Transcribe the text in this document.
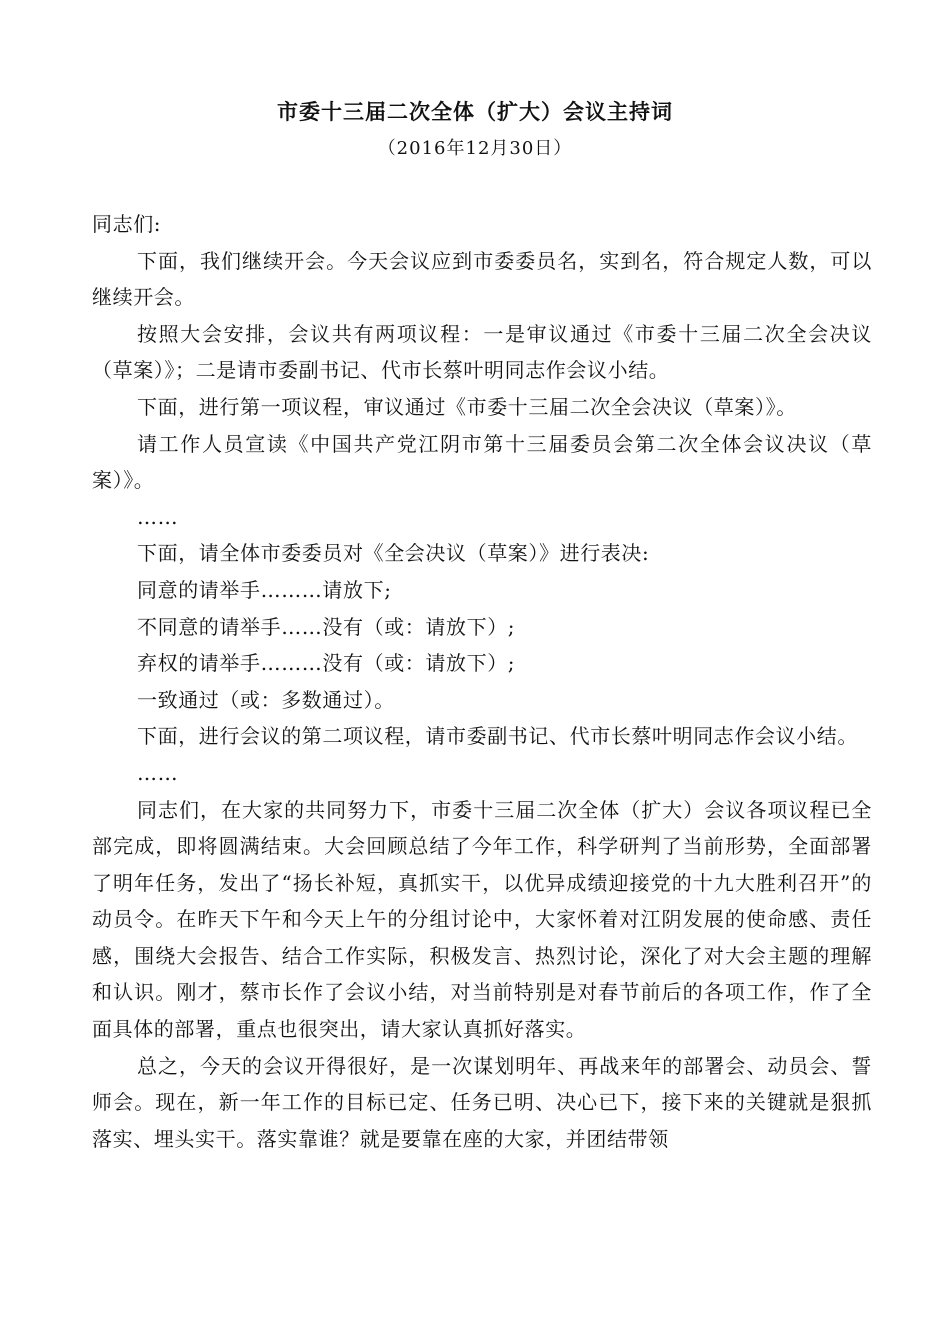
市委十三届二次全体（扩大）会议主持词
（2016年12月30日）

同志们:

下面，我们继续开会。今天会议应到市委委员名，实到名，符合规定人数，可以继续开会。

按照大会安排，会议共有两项议程：一是审议通过《市委十三届二次全会决议（草案）》；二是请市委副书记、代市长蔡叶明同志作会议小结。

下面，进行第一项议程，审议通过《市委十三届二次全会决议（草案）》。

请工作人员宣读《中国共产党江阴市第十三届委员会第二次全体会议决议（草案）》。

……

下面，请全体市委委员对《全会决议（草案）》进行表决:

同意的请举手………请放下;

不同意的请举手……没有（或：请放下）;

弃权的请举手………没有（或：请放下）;

一致通过（或：多数通过）。

下面，进行会议的第二项议程，请市委副书记、代市长蔡叶明同志作会议小结。

……

同志们，在大家的共同努力下，市委十三届二次全体（扩大）会议各项议程已全部完成，即将圆满结束。大会回顾总结了今年工作，科学研判了当前形势，全面部署了明年任务，发出了“扬长补短，真抓实干，以优异成绩迎接党的十九大胜利召开”的动员令。在昨天下午和今天上午的分组讨论中，大家怀着对江阴发展的使命感、责任感，围绕大会报告、结合工作实际，积极发言、热烈讨论，深化了对大会主题的理解和认识。刚才，蔡市长作了会议小结，对当前特别是对春节前后的各项工作，作了全面具体的部署，重点也很突出，请大家认真抓好落实。

总之，今天的会议开得很好，是一次谋划明年、再战来年的部署会、动员会、誓师会。现在，新一年工作的目标已定、任务已明、决心已下，接下来的关键就是狠抓落实、埋头实干。落实靠谁？就是要靠在座的大家，并团结带领
